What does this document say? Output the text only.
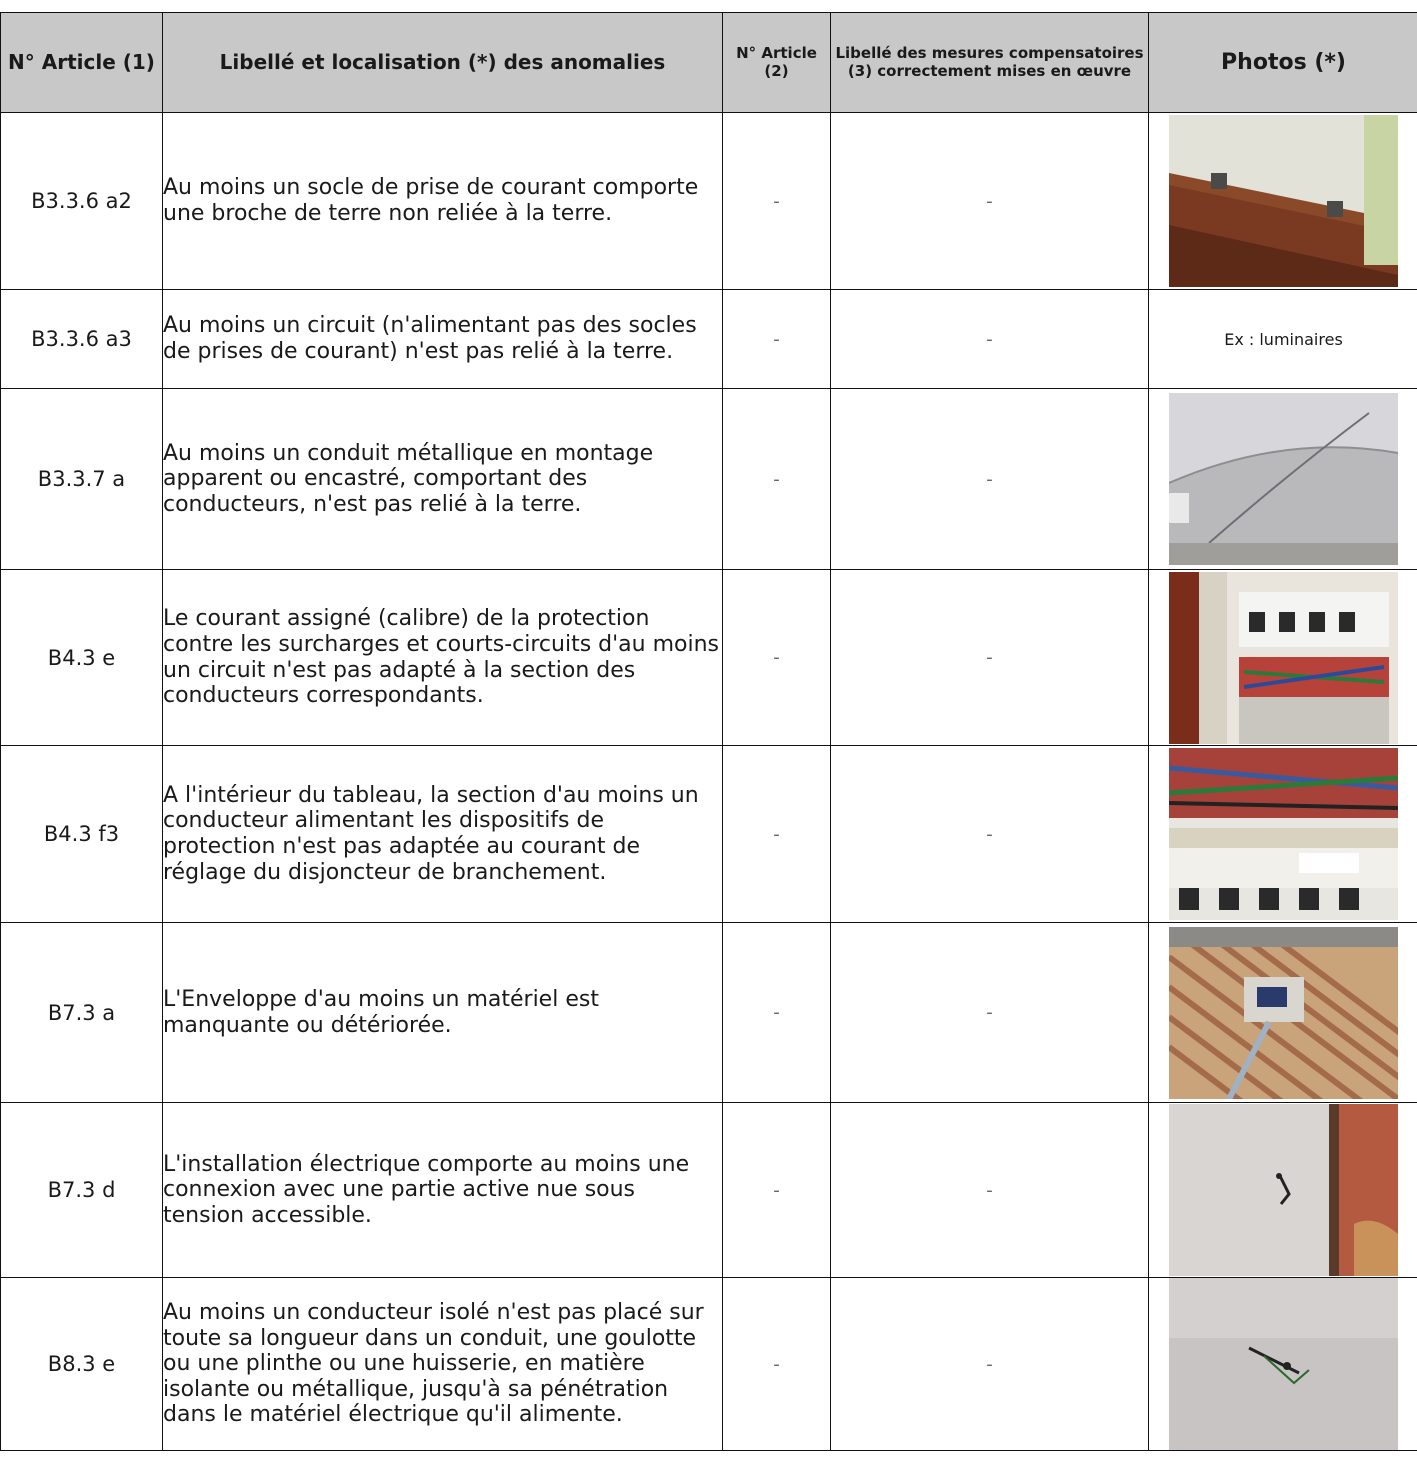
N° Article (1)	Libellé et localisation (*) des anomalies	N° Article (2)	Libellé des mesures compensatoires (3) correctement mises en œuvre	Photos (*)
B3.3.6 a2	Au moins un socle de prise de courant comporte une broche de terre non reliée à la terre.	-	-	

B3.3.6 a3	Au moins un circuit (n'alimentant pas des socles de prises de courant) n'est pas relié à la terre.	-	-	Ex : luminaires
B3.3.7 a	Au moins un conduit métallique en montage apparent ou encastré, comportant des conducteurs, n'est pas relié à la terre.	-	-	

B4.3 e	Le courant assigné (calibre) de la protection contre les surcharges et courts-circuits d'au moins un circuit n'est pas adapté à la section des conducteurs correspondants.	-	-	

B4.3 f3	A l'intérieur du tableau, la section d'au moins un conducteur alimentant les dispositifs de protection n'est pas adaptée au courant de réglage du disjoncteur de branchement.	-	-	

B7.3 a	L'Enveloppe d'au moins un matériel est manquante ou détériorée.	-	-	

B7.3 d	L'installation électrique comporte au moins une connexion avec une partie active nue sous tension accessible.	-	-	

B8.3 e	Au moins un conducteur isolé n'est pas placé sur toute sa longueur dans un conduit, une goulotte ou une plinthe ou une huisserie, en matière isolante ou métallique, jusqu'à sa pénétration dans le matériel électrique qu'il alimente.	-	-	
